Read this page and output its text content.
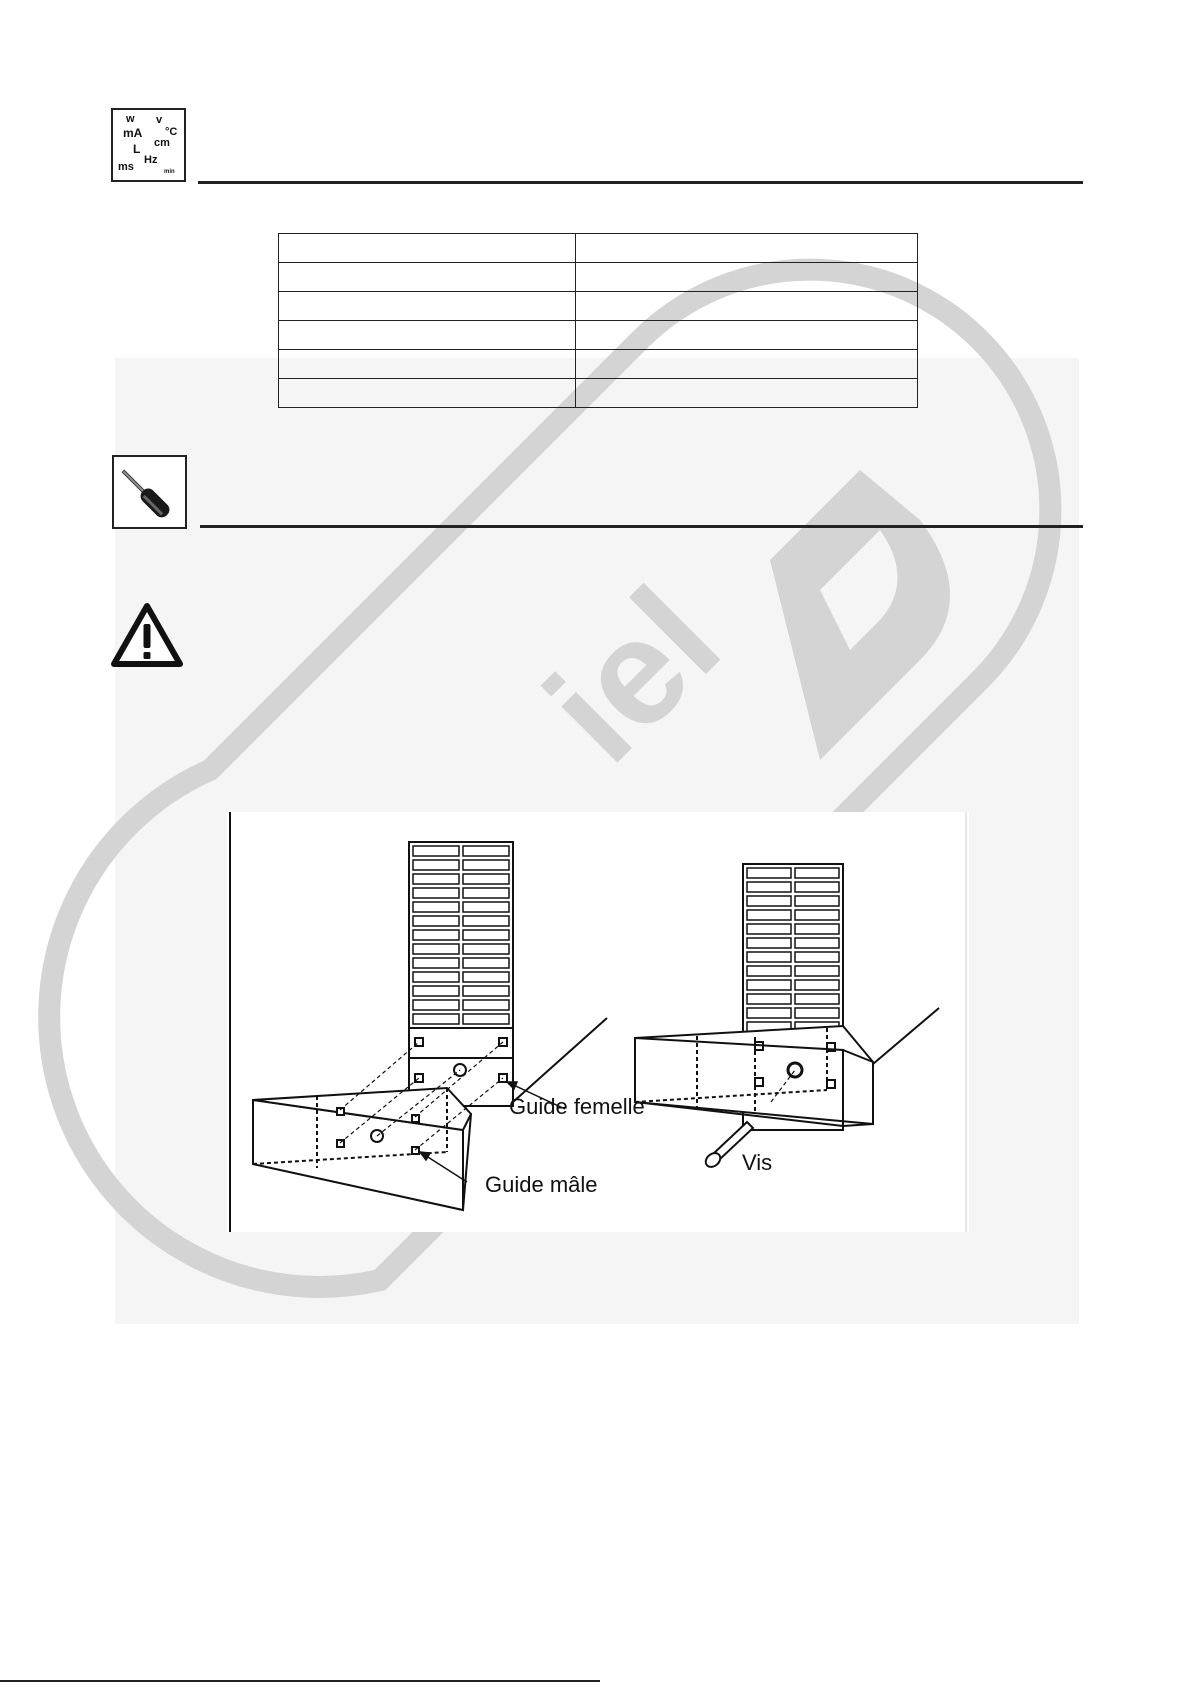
iel
w v
mA °C
L cm
ms
Hz
min

Guide femelle
Guide mâle
Vis
